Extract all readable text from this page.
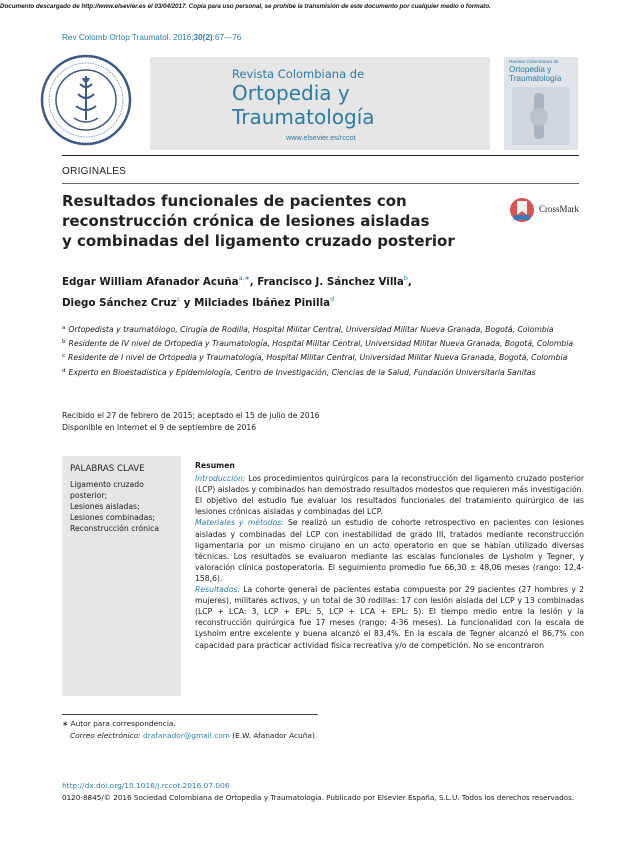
Documento descargado de http://www.elsevier.es el 03/04/2017. Copia para uso personal, se prohíbe la transmisión de este documento por cualquier medio o formato.
Rev Colomb Ortop Traumatol. 2016;30(2):67—76
Revista Colombiana de
Ortopedia y
Traumatología
www.elsevier.es/rccot
Revista Colombiana de
Ortopedia y
Traumatología
ORIGINALES
Resultados funcionales de pacientes con
reconstrucción crónica de lesiones aisladas
y combinadas del ligamento cruzado posterior
CrossMark
Edgar William Afanador Acuña$^{a,∗}$, Francisco J. Sánchez Villa$^b$,
Diego Sánchez Cruz$^c$ y Milciades Ibáñez Pinilla$^d$
$^a$ Ortopedista y traumatólogo, Cirugía de Rodilla, Hospital Militar Central, Universidad Militar Nueva Granada, Bogotá, Colombia
$^b$ Residente de IV nivel de Ortopedia y Traumatología, Hospital Militar Central, Universidad Militar Nueva Granada, Bogotá, Colombia
$^c$ Residente de I nivel de Ortopedia y Traumatología, Hospital Militar Central, Universidad Militar Nueva Granada, Bogotá, Colombia
$^d$ Experto en Bioestadística y Epidemiología, Centro de Investigación, Ciencias de la Salud, Fundación Universitaria Sanitas
Recibido el 27 de febrero de 2015; aceptado el 15 de julio de 2016
Disponible en Internet el 9 de septiembre de 2016
PALABRAS CLAVE
Ligamento cruzado posterior;
Lesiones aisladas;
Lesiones combinadas;
Reconstrucción crónica
Resumen

Introducción: Los procedimientos quirúrgicos para la reconstrucción del ligamento cruzado posterior (LCP) aislados y combinados han demostrado resultados modestos que requieren más investigación. El objetivo del estudio fue evaluar los resultados funcionales del tratamiento quirúrgico de las lesiones crónicas aisladas y combinadas del LCP.

Materiales y métodos: Se realizó un estudio de cohorte retrospectivo en pacientes con lesiones aisladas y combinadas del LCP con inestabilidad de grado III, tratados mediante reconstrucción ligamentaria por un mismo cirujano en un acto operatorio en que se habían utilizado diversas técnicas. Los resultados se evaluaron mediante las escalas funcionales de Lysholm y Tegner, y valoración clínica postoperatoria. El seguimiento promedio fue 66,30 ± 48,06 meses (rango: 12,4-158,6).

Resultados: La cohorte general de pacientes estaba compuesta por 29 pacientes (27 hombres y 2 mujeres), militares activos, y un total de 30 rodillas: 17 con lesión aislada del LCP y 13 combinadas (LCP + LCA: 3, LCP + EPL: 5, LCP + LCA + EPL: 5). El tiempo medio entre la lesión y la reconstrucción quirúrgica fue 17 meses (rango: 4-36 meses). La funcionalidad con la escala de Lysholm entre excelente y buena alcanzó el 83,4%. En la escala de Tegner alcanzó el 86,7% con capacidad para practicar actividad física recreativa y/o de competición. No se encontraron

∗ Autor para correspondencia.
Correo electrónico: drafanador@gmail.com (E.W. Afanador Acuña).
http://dx.doi.org/10.1016/j.rccot.2016.07.006
0120-8845/© 2016 Sociedad Colombiana de Ortopedia y Traumatología. Publicado por Elsevier España, S.L.U. Todos los derechos reservados.
